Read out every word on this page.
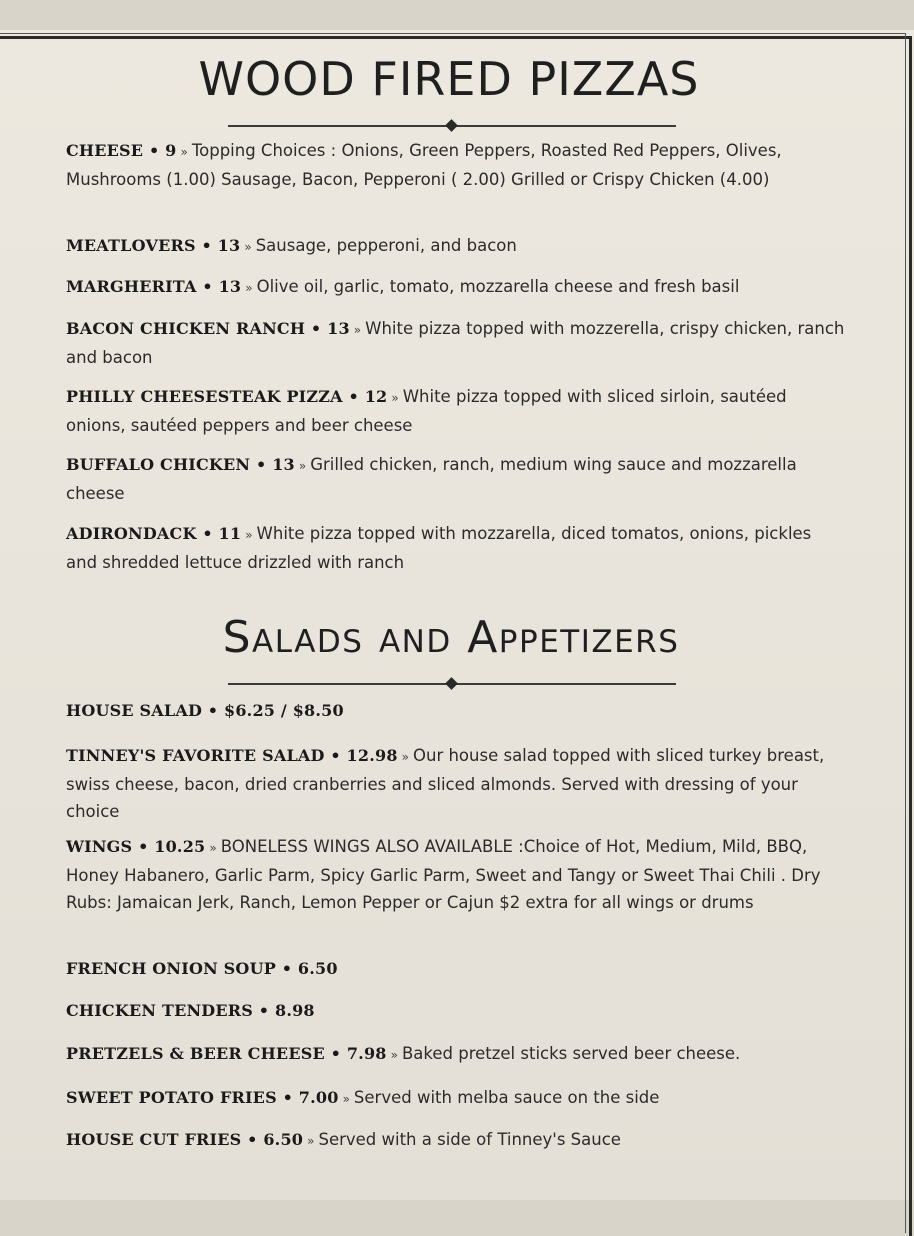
WOOD FIRED PIZZAS

CHEESE • 9 » Topping Choices : Onions, Green Peppers, Roasted Red Peppers, Olives, Mushrooms (1.00) Sausage, Bacon, Pepperoni ( 2.00) Grilled or Crispy Chicken (4.00)

MEATLOVERS • 13 » Sausage, pepperoni, and bacon

MARGHERITA • 13 » Olive oil, garlic, tomato, mozzarella cheese and fresh basil

BACON CHICKEN RANCH • 13 » White pizza topped with mozzerella, crispy chicken, ranch and bacon

PHILLY CHEESESTEAK PIZZA • 12 » White pizza topped with sliced sirloin, sautéed onions, sautéed peppers and beer cheese

BUFFALO CHICKEN • 13 » Grilled chicken, ranch, medium wing sauce and mozzarella cheese

ADIRONDACK • 11 » White pizza topped with mozzarella, diced tomatos, onions, pickles and shredded lettuce drizzled with ranch

Salads and Appetizers

HOUSE SALAD • $6.25 / $8.50

TINNEY'S FAVORITE SALAD • 12.98 » Our house salad topped with sliced turkey breast, swiss cheese, bacon, dried cranberries and sliced almonds. Served with dressing of your choice

WINGS • 10.25 » BONELESS WINGS ALSO AVAILABLE :Choice of Hot, Medium, Mild, BBQ, Honey Habanero, Garlic Parm, Spicy Garlic Parm, Sweet and Tangy or Sweet Thai Chili . Dry Rubs: Jamaican Jerk, Ranch, Lemon Pepper or Cajun $2 extra for all wings or drums

FRENCH ONION SOUP • 6.50

CHICKEN TENDERS • 8.98

PRETZELS & BEER CHEESE • 7.98 » Baked pretzel sticks served beer cheese.

SWEET POTATO FRIES • 7.00 » Served with melba sauce on the side

HOUSE CUT FRIES • 6.50 » Served with a side of Tinney's Sauce
